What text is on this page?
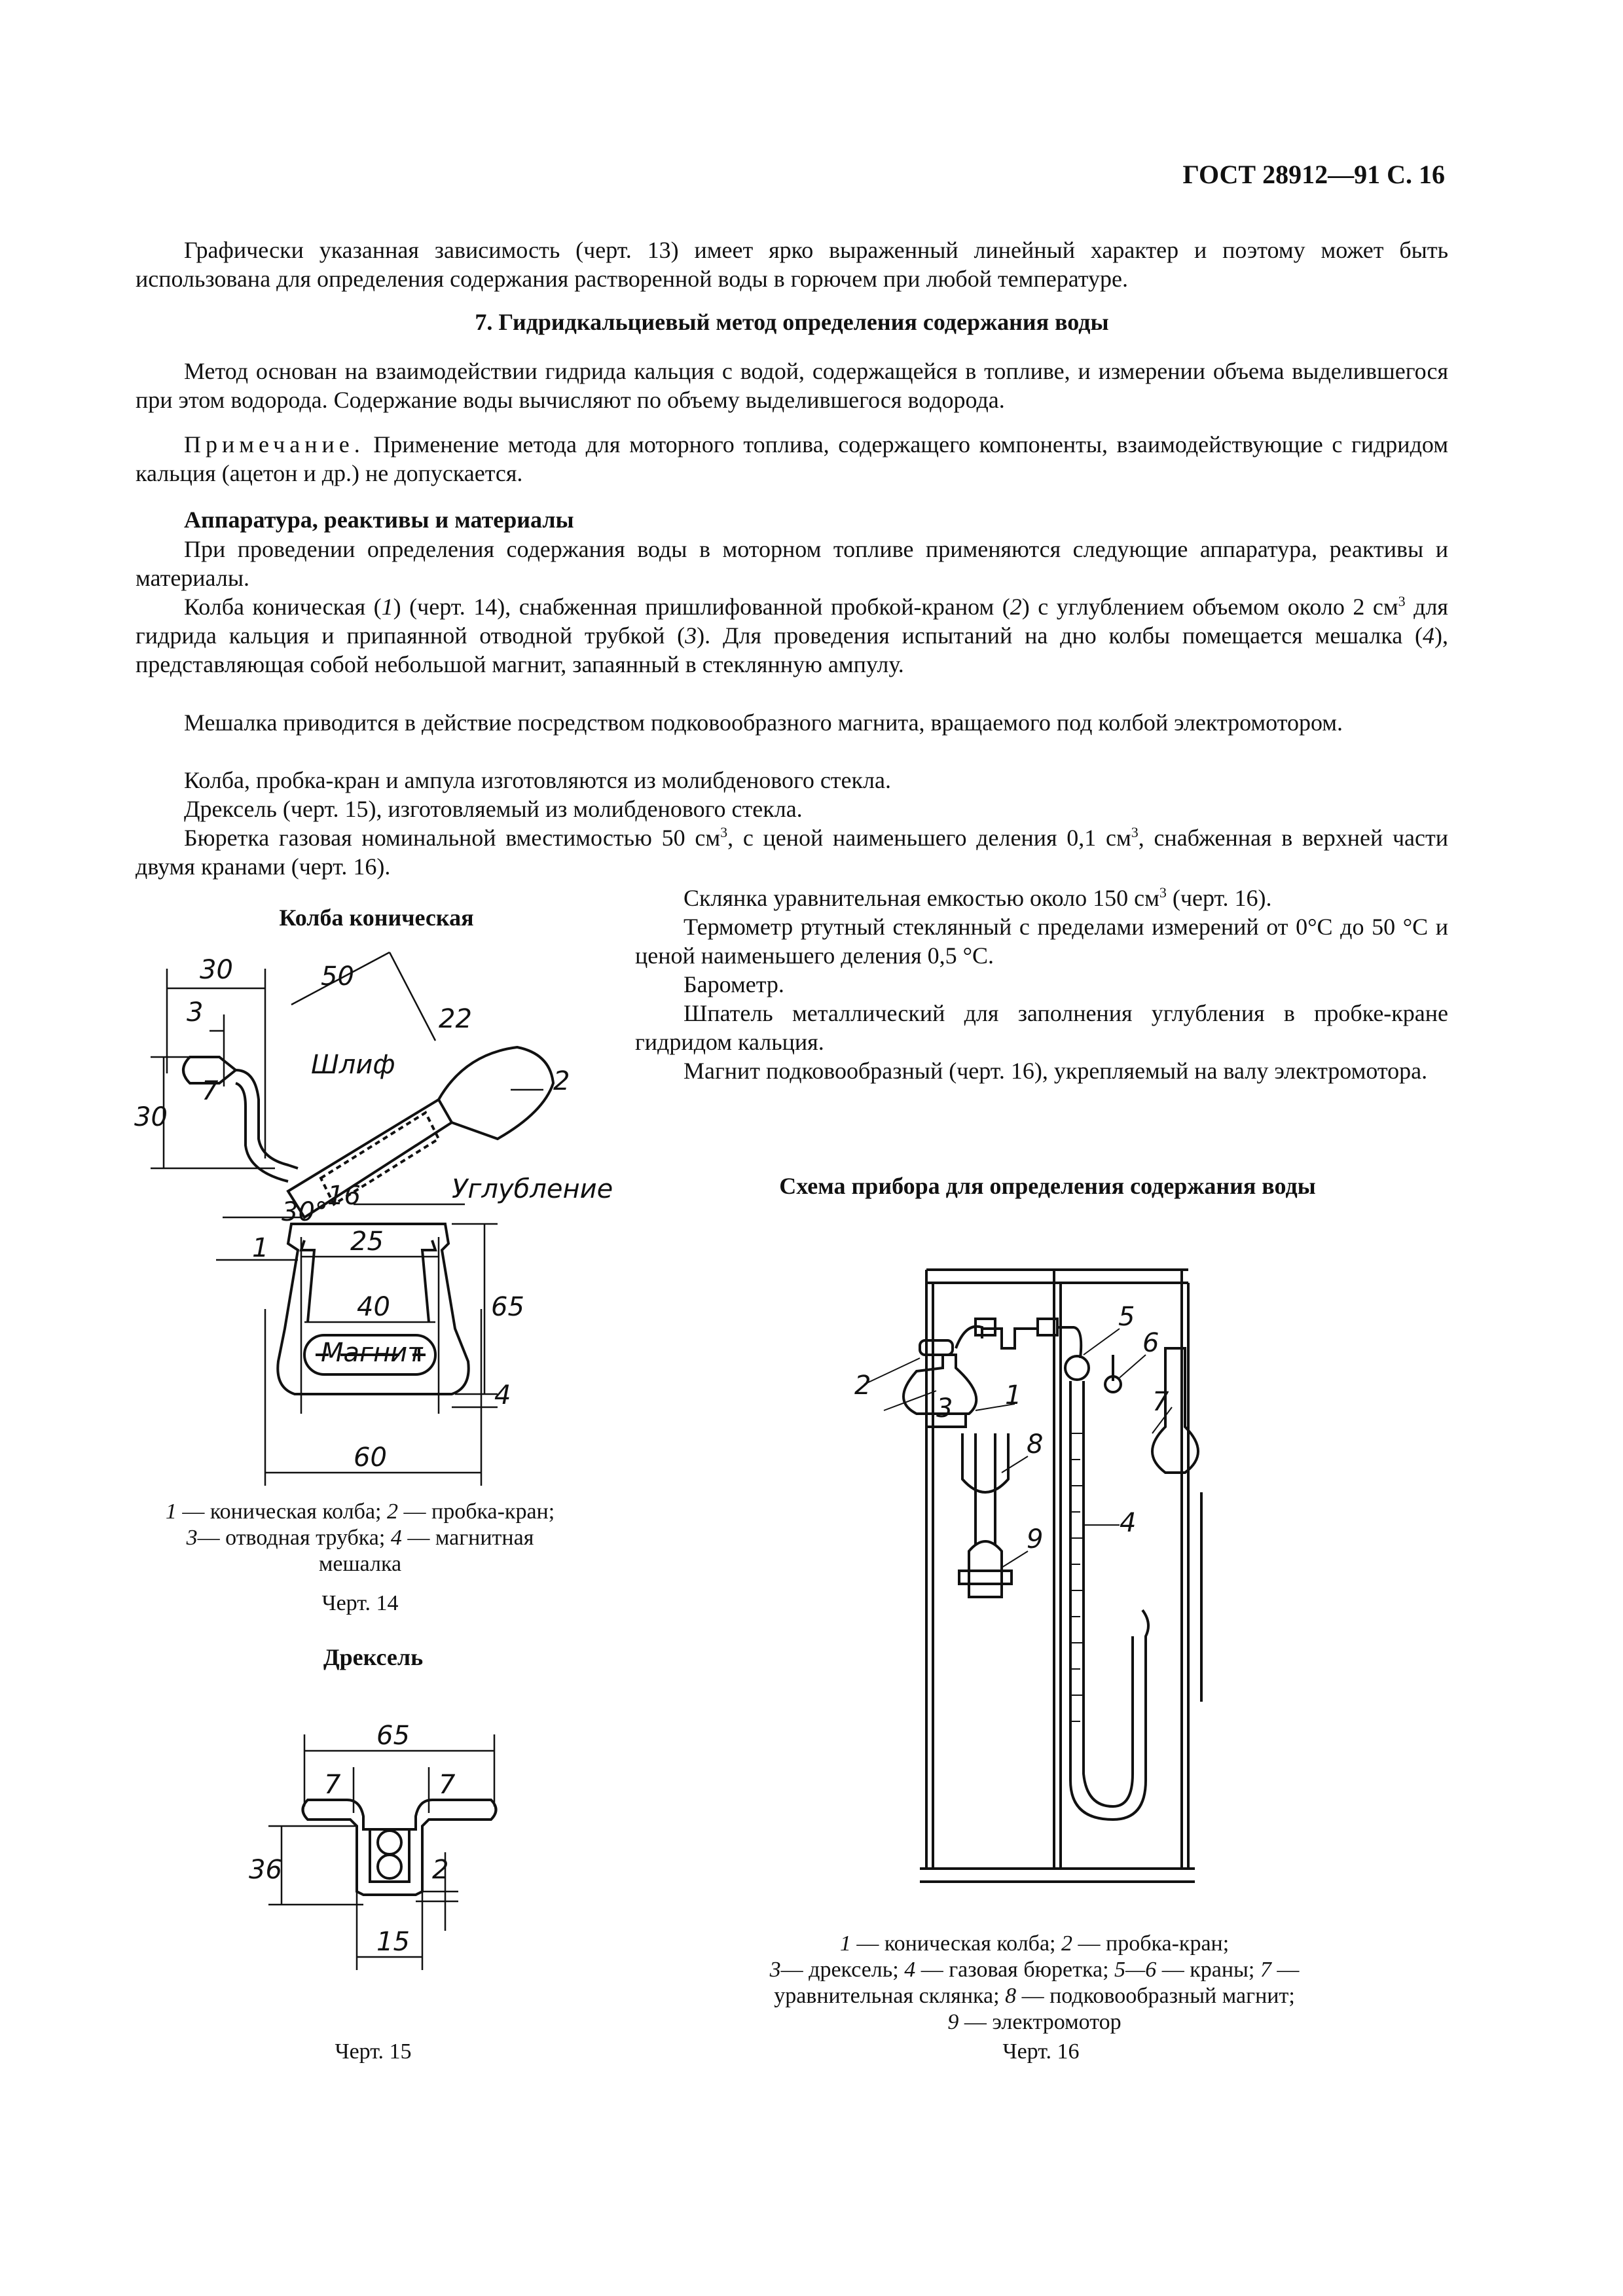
ГОСТ 28912—91 С. 16
Графически указанная зависимость (черт. 13) имеет ярко выраженный линейный характер и поэтому может быть использована для определения содержания растворенной воды в горючем при любой температуре.
7. Гидридкальциевый метод определения содержания воды
Метод основан на взаимодействии гидрида кальция с водой, содержащейся в топливе, и измерении объема выделившегося при этом водорода. Содержание воды вычисляют по объему выделившегося водорода.
Примечание. Применение метода для моторного топлива, содержащего компоненты, взаимодействующие с гидридом кальция (ацетон и др.) не допускается.
Аппаратура, реактивы и материалы
При проведении определения содержания воды в моторном топливе применяются следующие аппаратура, реактивы и материалы.
Колба коническая (1) (черт. 14), снабженная пришлифованной пробкой-краном (2) с углублением объемом около 2 $см^3$ для гидрида кальция и припаянной отводной трубкой (3). Для проведения испытаний на дно колбы помещается мешалка (4), представляющая собой небольшой магнит, запаянный в стеклянную ампулу.
Мешалка приводится в действие посредством подковообразного магнита, вращаемого под колбой электромотором.
Колба, пробка-кран и ампула изготовляются из молибденового стекла.
Дрексель (черт. 15), изготовляемый из молибденового стекла.
Бюретка газовая номинальной вместимостью 50 $см^3$, с ценой наименьшего деления 0,1 $см^3$, снабженная в верхней части двумя кранами (черт. 16).
Склянка уравнительная емкостью около 150 $см^3$ (черт. 16).
Термометр ртутный стеклянный с пределами измерений от 0°С до 50 °С и ценой наименьшего деления 0,5 °С.
Барометр.
Шпатель металлический для заполнения углубления в пробке-кране гидридом кальция.
Магнит подковообразный (черт. 16), укрепляемый на валу электромотора.
Колба коническая
30
3
7
30
50
22
2
Шлиф
Углубление
16
30°
25
1
65
40
Магнит
4
60
1 — коническая колба; 2 — пробка-кран;
3— отводная трубка; 4 — магнитная
мешалка
Черт. 14
Дрексель
65
7	7
36	2
15
Черт. 15
Схема прибора для определения содержания воды
1
2
3
4
5
6
7
8
9
1 — коническая колба; 2 — пробка-кран;
3— дрексель; 4 — газовая бюретка; 5—6 — краны; 7 — уравнительная склянка; 8 — подковообразный магнит; 9 — электромотор
Черт. 16
